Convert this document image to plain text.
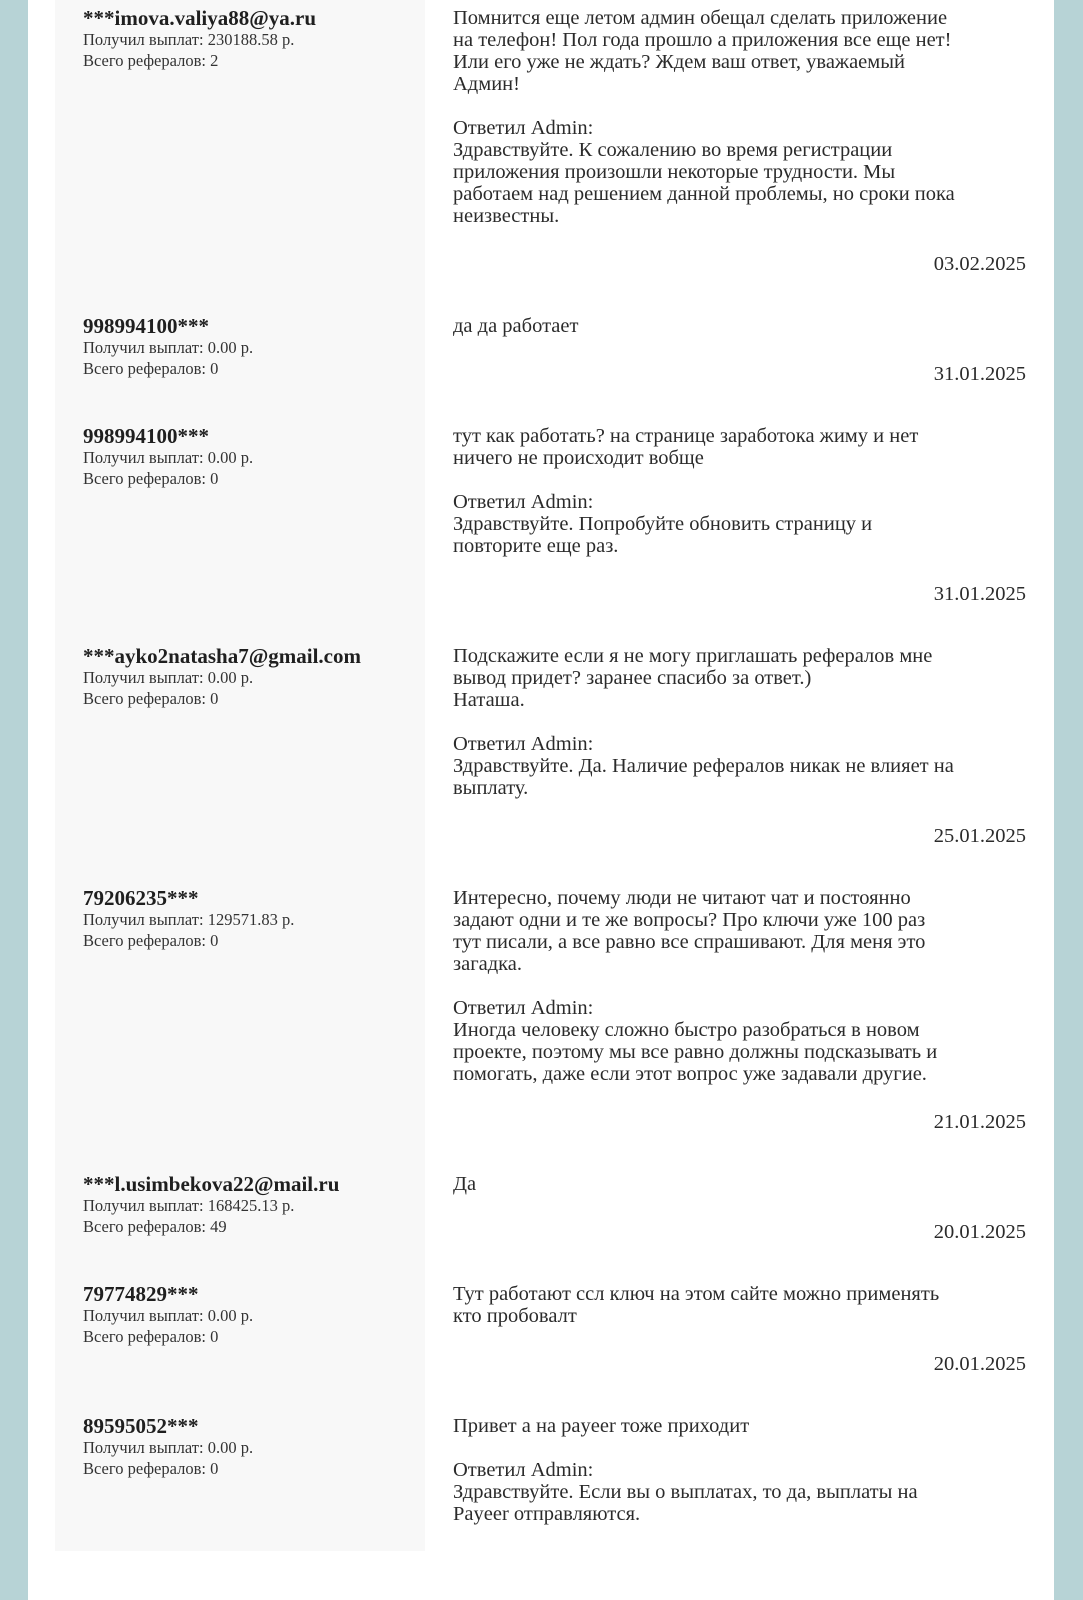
***imova.valiya88@ya.ru
Получил выплат: 230188.58 р.
Всего рефералов: 2
Помнится еще летом админ обещал сделать приложение
на телефон! Пол года прошло а приложения все еще нет!
Или его уже не ждать? Ждем ваш ответ, уважаемый
Админ!
Ответил Admin:
Здравствуйте. К сожалению во время регистрации
приложения произошли некоторые трудности. Мы
работаем над решением данной проблемы, но сроки пока
неизвестны.
03.02.2025
998994100***
Получил выплат: 0.00 р.
Всего рефералов: 0
да да работает
31.01.2025
998994100***
Получил выплат: 0.00 р.
Всего рефералов: 0
тут как работать? на странице заработока жиму и нет
ничего не происходит вобще
Ответил Admin:
Здравствуйте. Попробуйте обновить страницу и
повторите еще раз.
31.01.2025
***ayko2natasha7@gmail.com
Получил выплат: 0.00 р.
Всего рефералов: 0
Подскажите если я не могу приглашать рефералов мне
вывод придет? заранее спасибо за ответ.)
Наташа.
Ответил Admin:
Здравствуйте. Да. Наличие рефералов никак не влияет на
выплату.
25.01.2025
79206235***
Получил выплат: 129571.83 р.
Всего рефералов: 0
Интересно, почему люди не читают чат и постоянно
задают одни и те же вопросы? Про ключи уже 100 раз
тут писали, а все равно все спрашивают. Для меня это
загадка.
Ответил Admin:
Иногда человеку сложно быстро разобраться в новом
проекте, поэтому мы все равно должны подсказывать и
помогать, даже если этот вопрос уже задавали другие.
21.01.2025
***l.usimbekova22@mail.ru
Получил выплат: 168425.13 р.
Всего рефералов: 49
Да
20.01.2025
79774829***
Получил выплат: 0.00 р.
Всего рефералов: 0
Тут работают ссл ключ на этом сайте можно применять
кто пробовалт
20.01.2025
89595052***
Получил выплат: 0.00 р.
Всего рефералов: 0
Привет а на payeer тоже приходит
Ответил Admin:
Здравствуйте. Если вы о выплатах, то да, выплаты на
Payeer отправляются.
